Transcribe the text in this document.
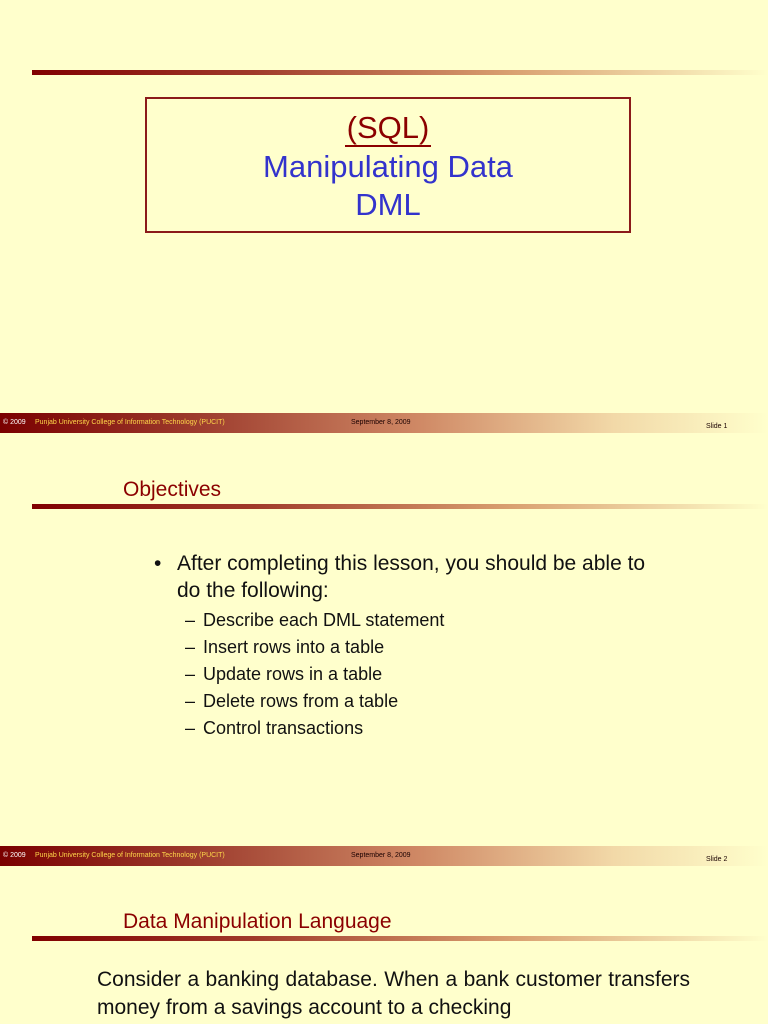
(SQL)
Manipulating Data
DML
© 2009 Punjab University College of Information Technology (PUCIT)	September 8, 2009
Slide 1
Objectives
• After completing this lesson, you should be able to do the following:
– Describe each DML statement
– Insert rows into a table
– Update rows in a table
– Delete rows from a table
– Control transactions
© 2009 Punjab University College of Information Technology (PUCIT)	September 8, 2009
Slide 2
Data Manipulation Language
Consider a banking database. When a bank customer transfers money from a savings account to a checking
